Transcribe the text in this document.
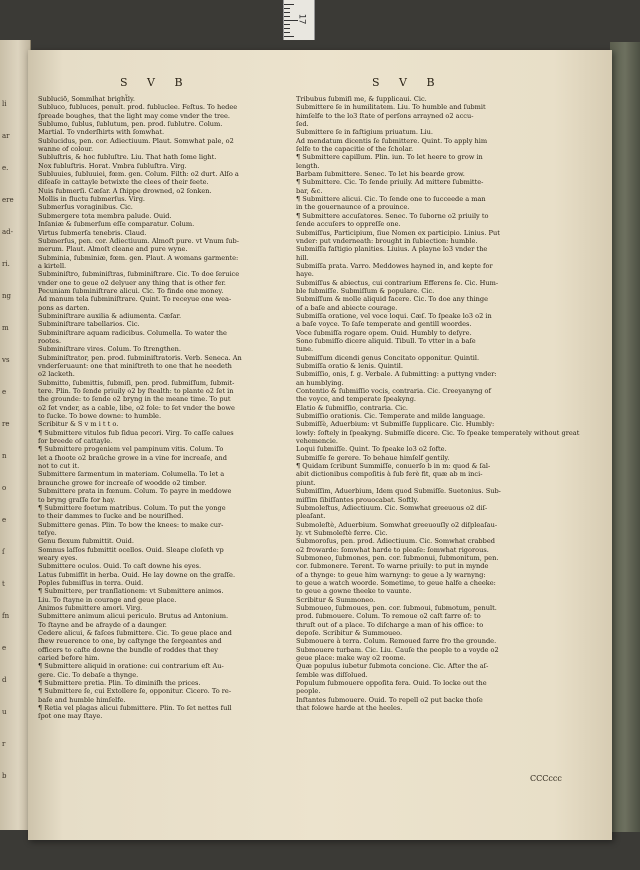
17
li
ar
e.
ere
ad-
ri.
ng
m
vs
e
re
n
o
e
ſ
t
fn
e
d
u
r
b
S V B	S V B
Subluciõ, Sommlḣat bright̃ly.
Subluco, fubluces, penult. prod. fubluclee. Feſtus. To hedee
ſpreade boughes, that the light may come vnder the tree.
Sublumo, ſublus, ſublutum, pen. prod. ſublutre. Colum.
Martial. To vnderſhirts with ſomwhat.
Sublucidus, pen. cor. Adiectiuum. Plaut. Somwhat pale, o2
wanne of colour.
Subluſtris, & hoc fubluſtre. Liu. That hath ſome light.
Nox fubluſtris. Horat. Vmbra ſubluſtra. Virg.
Subluuies, ſubluuiei, fœm. gen. Colum. Filth: o2 durt. Alſo a
diſeaſe in cattayle betwixte the clees of their feete.
Nuis fubmerſi. Cæſar. A ſhippe drowned, o2 ſonken.
Mollis in fluctu fubmerſus. Virg.
Submerſus voraginibus. Cic.
Submergere tota membra palude. Ouid.
Inſaniæ & ſubmerſum eſſe comparatur. Colum.
Virtus ſubmerſa tenebris. Claud.
Submerſus, pen. cor. Adiectiuum. Almoſt pure. vt Vnum ſub-
merum. Plaut. Almoſt cleane and pure wyne.
Subminia, ſubminiæ, fœm. gen. Plaut. A womans garmente:
a kirtell.
Subminiſtro, ſubminiſtras, ſubminiſtrare. Cic. To doe ſeruice
vnder one to geue o2 delyuer any thing that is other fer.
Pecuniam ſubminiſtrare alicui. Cic. To finde one money.
Ad manum tela ſubminiſtrare. Quint. To receyue one wea-
pons as darten.
Subminiſtrare auxilia & adiumenta. Cæſar.
Subminiſtrare tabellarios. Cic.
Subminiſtrare aquam radicibus. Columella. To water the
rootes.
Subminiſtrare vires. Colum. To ſtrengthen.
Subminiſtrator, pen. prod. ſubminiſtratoris. Verb. Seneca. An
vnderſeruaunt: one that miniſtreth to one that he needeth
o2 lacketh.
Submitto, ſubmittis, ſubmiſi, pen. prod. ſubmiſſum, ſubmit-
tere. Plin. To ſende priuily o2 by ſtealth: to plante o2 ſet in
the grounde: to ſende o2 bryng in the meane time. To put
o2 ſet vnder, as a cable, libe, o2 fole: to ſet vnder the bowe
to ſucke. To bowe downe: to humble.
Scribitur & S v m i t t o.
¶ Submittere vitulos fub ſidua pecori. Virg. To caſſe calues
for breede of cattayle.
¶ Submittere progeniem vel pampinum vitis. Colum. To
let a ſhoote o2 braūche growe in a vine for increaſe, and
not to cut it.
Submittere ſarmentum in materiam. Columella. To let a
braunche growe for increaſe of woodde o2 timber.
Submittere prata in fœnum. Colum. To payre in meddowe
to bryng graſſe for hay.
¶ Submittere foetum matribus. Colum. To put the yonge
to their dammes to ſucke and be nouriſhed.
Submittere genas. Plin. To bow the knees: to make cur-
teſye.
Genu flexum fubmittit. Ouid.
Somnus laſſos fubmittit ocellos. Ouid. Sleape cloſeth vp
weary eyes.
Submittere oculos. Ouid. To caſt downe his eyes.
Latus ſubmiſſit in herba. Ouid. He lay downe on the graſſe.
Poples ſubmiſſus in terra. Ouid.
¶ Submittere, per tranſlationem: vt Submittere animos.
Liu. To ſtayne in courage and geue place.
Animos ſubmittere amori. Virg.
Submittere animum alicui periculo. Brutus ad Antonium.
To ſtayne and be afrayde of a daunger.
Cedere alicui, & faſces ſubmittere. Cic. To geue place and
ſhew reuerence to one, by caſtynge the ſergeantes and
officers to caſte downe the bundle of roddes that they
caried before him.
¶ Submittere aliquid in oratione: cui contrarium eſt Au-
gere. Cic. To debaſe a thynge.
¶ Submittere pretia. Plin. To diminiſh the prices.
¶ Submittere ſe, cui Extollere ſe, opponitur. Cicero. To re-
baſe and humble himſelfe.
¶ Retia vel plagas alicui ſubmittere. Plin. To ſet nettes full
ſpot one may ſtaye.
Tribubus ſubmiſi me, & ſupplicaui. Cic.
Submittere ſe in humilitatem. Liu. To humble and ſubmit
himſelfe to the lo3 ſtate of perſons arrayned o2 accu-
ſed.
Submittere ſe in faſtigium priuatum. Liu.
Ad mendatum dicentis ſe ſubmittere. Quint. To apply him
ſelfe to the capacitie of the ſcholar.
¶ Submittere capillum. Plin. iun. To let heere to grow in
length.
Barbam ſubmittere. Senec. To let his bearde grow.
¶ Submittere. Cic. To ſende priuily. Ad mittere ſubmitte-
bar, &c.
¶ Submittere alicui. Cic. To ſende one to ſucceede a man
in the gouernaunce of a prouince.
¶ Submittere accuſatores. Senec. To ſuborne o2 priuily to
ſende accuſers to oppreſſe one.
Submiſſus, Participium, ſiue Nomen ex participio. Linius. Put
vnder: put vnderneath: brought in ſubiection: humble.
Submiſſa faſtigio planities. Liuius. A playne lo3 vnder the
hill.
Submiſſa prata. Varro. Meddowes hayned in, and kepte for
haye.
Submiſſus & abiectus, cui contrarium Efferens ſe. Cic. Hum-
ble ſubmiſſe. Submiſſum & populare. Cic.
Submiſſum & molle aliquid facere. Cic. To doe any thinge
of a baſe and abiecte courage.
Submiſſa oratione, vel voce loqui. Cæſ. To ſpeake lo3 o2 in
a baſe voyce. To ſaſe temperate and gentill woordes.
Voce ſubmiſſa rogare opem. Ouid. Humbly to deſyre.
Sono ſubmiſſo dicere aliquid. Tibull. To vtter in a baſe
tune.
Submiſſum dicendi genus Concitato opponitur. Quintil.
Submiſſa oratio & lenis. Quintil.
Submiſſio, onis, f. g. Verbale. A ſubmitting: a puttyng vnder:
an humblying.
Contentio & ſubmiſſio vocis, contraria. Cic. Creeyanyng of
the voyce, and temperate ſpeakyng.
Elatio & ſubmiſſio, contraria. Cic.
Submiſſio orationis. Cic. Temperate and milde language.
Submiſſè, Aduerbium: vt Submiſſe ſupplicare. Cic. Humbly:
lowly: ſoftely in ſpeakyng. Submiſſe dicere. Cic. To ſpeake temperately without great
vehemencie.
Loqui ſubmiſſe. Quint. To ſpeake lo3 o2 ſofte.
Submiſſe ſe gerere. To behaue himſelf gentily.
¶ Quidam ſcribunt Summiſſe, conuerſo b in m: quod & ſal-
abit dictionibus compoſitis à ſub ferè fit, quæ ab m inci-
piunt.
Submiſſim, Aduerbium, Idem quod Submiſſe. Suetonius. Sub-
miſſim ſibiſſantes prouocabat. Softly.
Submoleſtus, Adiectiuum. Cic. Somwhat greeuous o2 diſ-
pleaſant.
Submoleſtè, Aduerbium. Somwhat greeuouſly o2 diſpleaſau-
ly. vt Submoleſtè ferre. Cic.
Submoroſus, pen. prod. Adiectiuum. Cic. Somwhat crabbed
o2 frowarde: ſomwhat harde to pleaſe: ſomwhat rigorous.
Submoneo, ſubmones, pen. cor. ſubmonui, ſubmonitum, pen.
cor. ſubmonere. Terent. To warne priuily: to put in mynde
of a thynge: to geue him warnyng: to geue a ly warnyng:
to geue a watch woorde. Sometime, to geue halfe a cheeke:
to geue a gowne theeke to vaunte.
Scribitur & Summoneo.
Submoueo, ſubmoues, pen. cor. ſubmoui, ſubmotum, penult.
prod. ſubmouere. Colum. To remoue o2 caſt farre of: to
thruſt out of a place. To diſcharge a man of his office: to
depoſe. Scribitur & Summoueo.
Submouere à terra. Colum. Remoued farre fro the grounde.
Submouere turbam. Cic. Liu. Cauſe the people to a voyde o2
geue place: make way o2 roome.
Quæ populus iubetur ſubmota concione. Cic. After the aſ-
ſemble was diſſolued.
Populum ſubmouere oppoſita fera. Ouid. To locke out the
people.
Inſtantes ſubmouere. Ouid. To repell o2 put backe thoſe
that folowe harde at the heeles.
CCCccc
